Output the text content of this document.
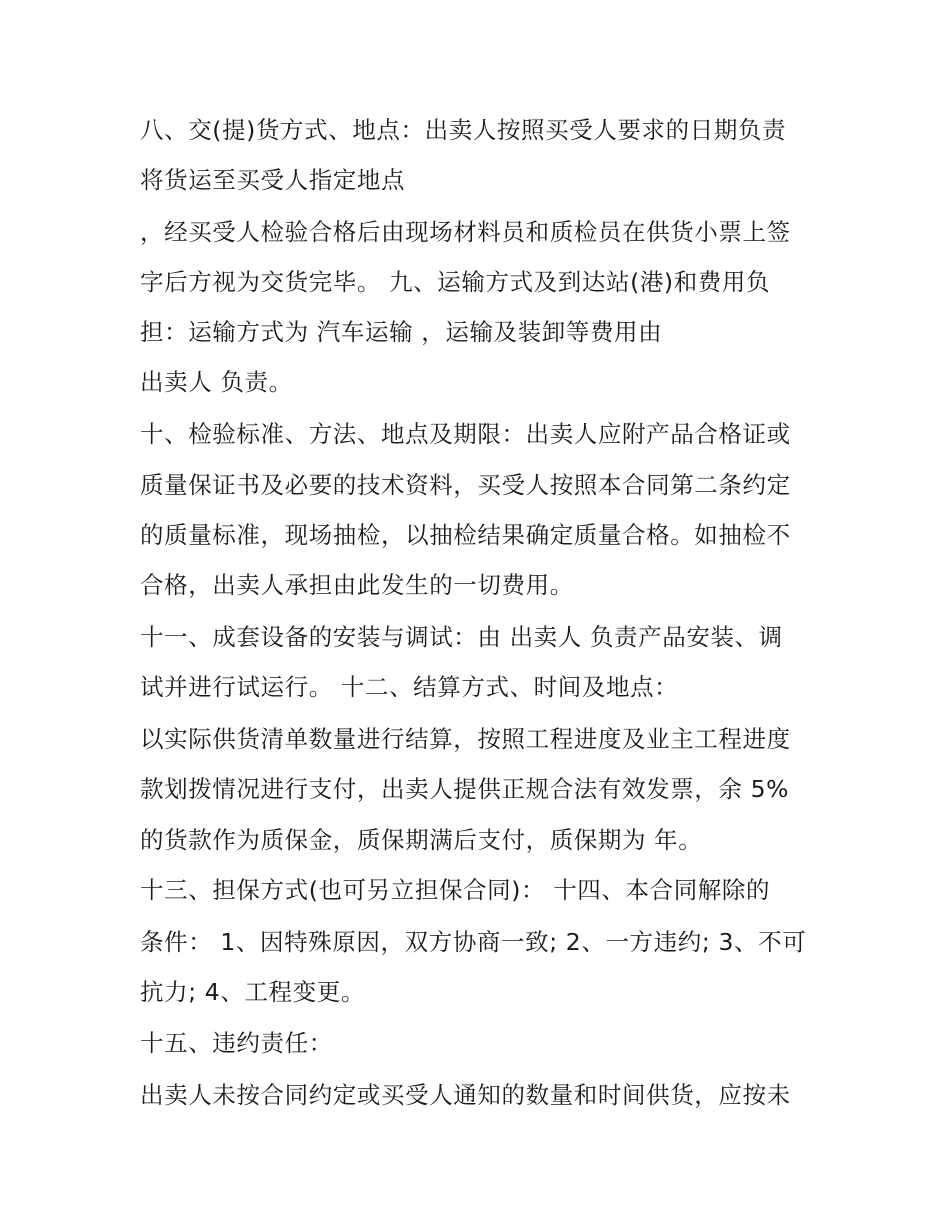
八、交(提)货方式、地点：出卖人按照买受人要求的日期负责
将货运至买受人指定地点
，经买受人检验合格后由现场材料员和质检员在供货小票上签
字后方视为交货完毕。 九、运输方式及到达站(港)和费用负
担：运输方式为 汽车运输 ，运输及装卸等费用由
出卖人 负责。
十、检验标准、方法、地点及期限：出卖人应附产品合格证或
质量保证书及必要的技术资料，买受人按照本合同第二条约定
的质量标准，现场抽检，以抽检结果确定质量合格。如抽检不
合格，出卖人承担由此发生的一切费用。
十一、成套设备的安装与调试：由 出卖人 负责产品安装、调
试并进行试运行。 十二、结算方式、时间及地点：
以实际供货清单数量进行结算，按照工程进度及业主工程进度
款划拨情况进行支付，出卖人提供正规合法有效发票，余 5%
的货款作为质保金，质保期满后支付，质保期为 年。
十三、担保方式(也可另立担保合同)： 十四、本合同解除的
条件： 1、因特殊原因，双方协商一致; 2、一方违约; 3、不可
抗力; 4、工程变更。
十五、违约责任：
出卖人未按合同约定或买受人通知的数量和时间供货，应按未
